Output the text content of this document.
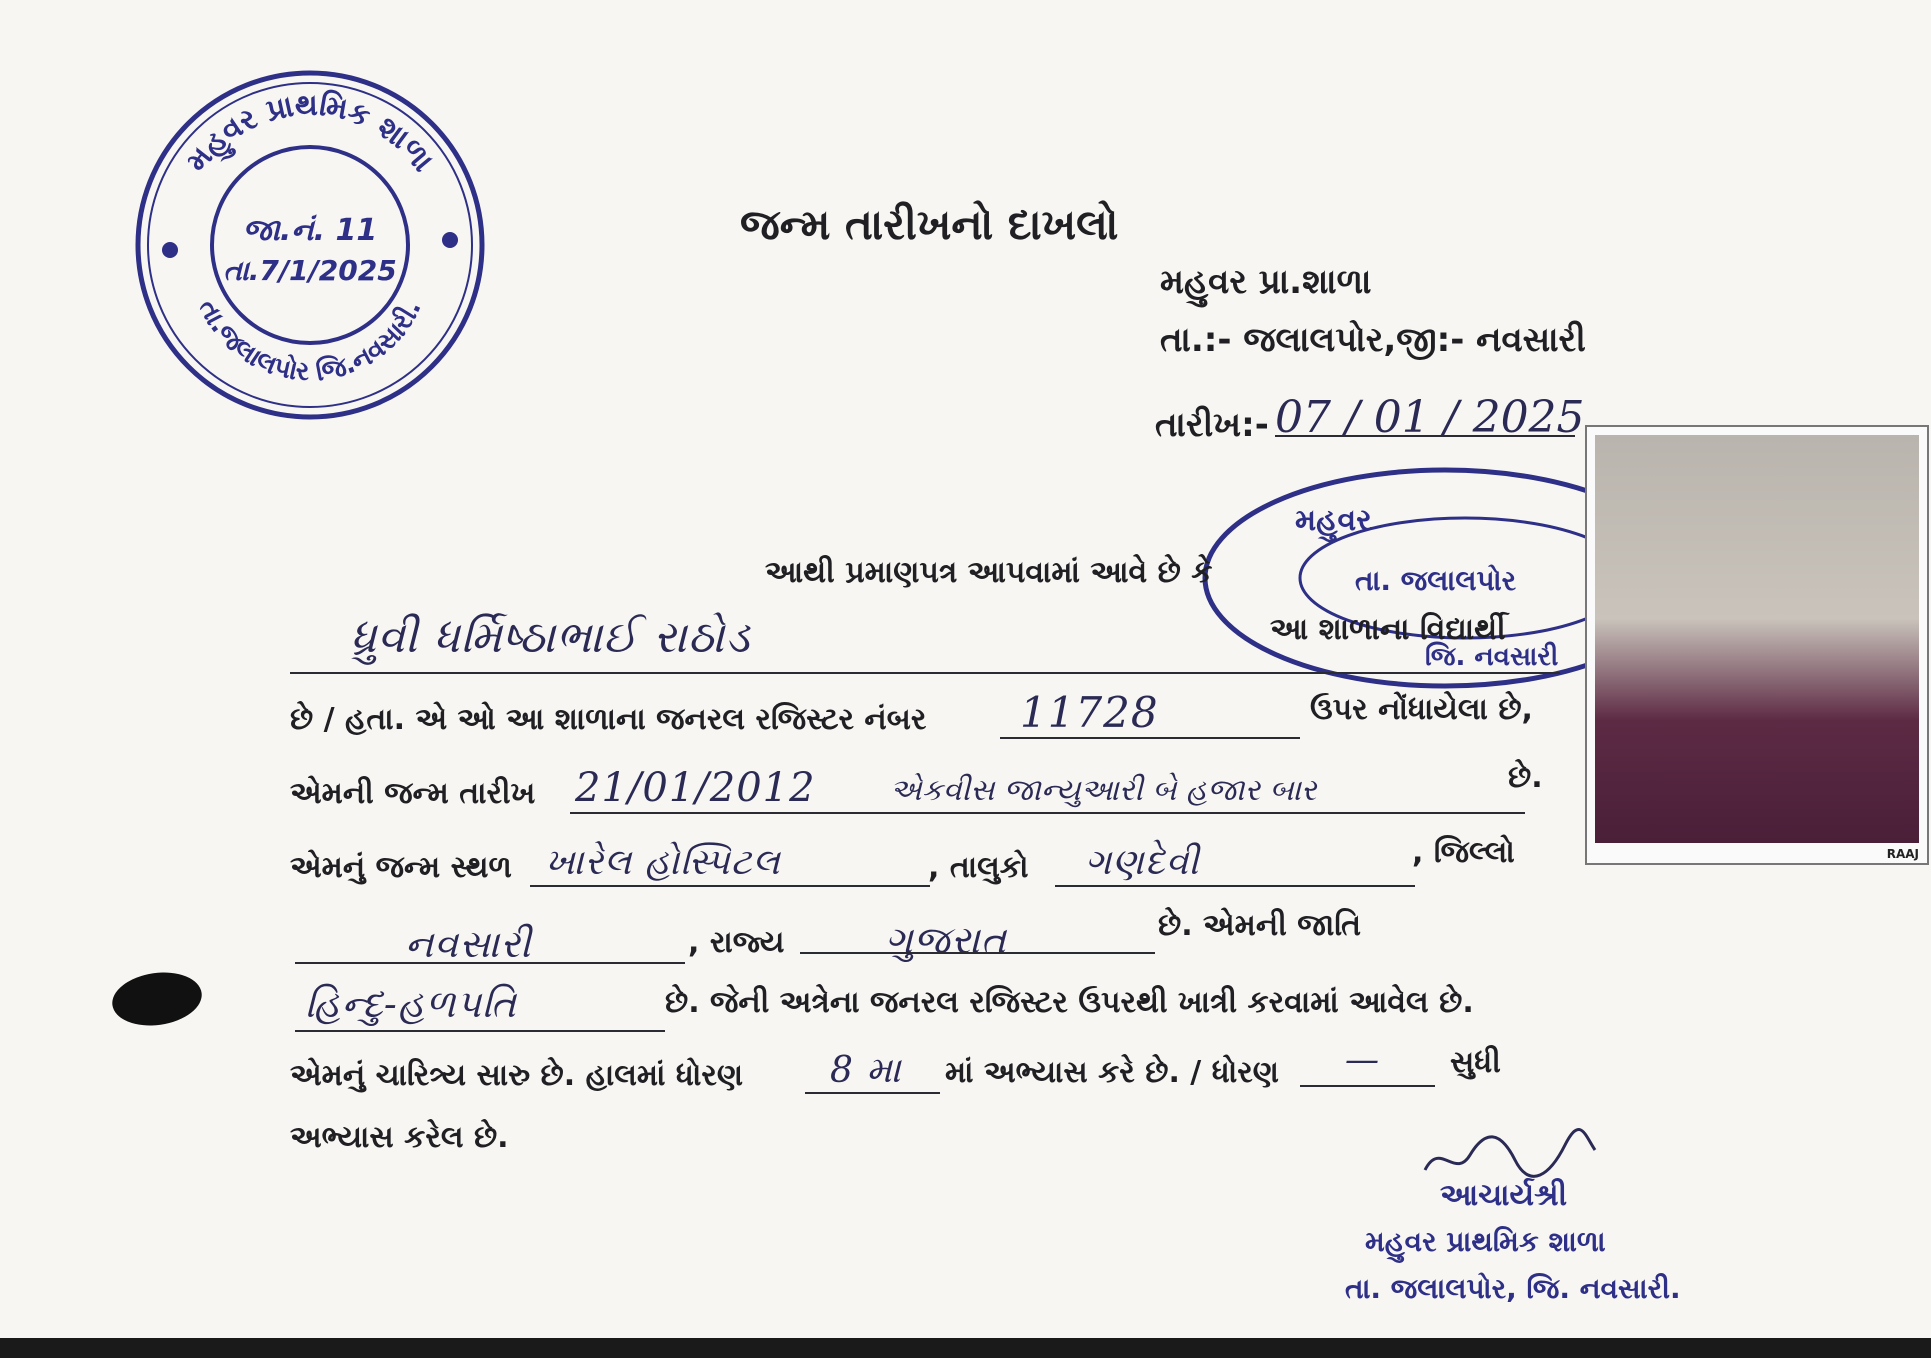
મહુવર પ્રાથમિક શાળા
તા.જલાલપોર જિ.નવસારી.
જા.નં. 11
તા.7/1/2025
જન્મ તારીખનો દાખલો
મહુવર પ્રા.શાળા
તા.:- જલાલપોર,જી:- નવસારી
તારીખ:- 07 / 01 / 2025
મહુવર
તા. જલાલપોર
જિ. નવસારી
આથી પ્રમાણપત્ર આપવામાં આવે છે કે
આ શાળાના વિદ્યાર્થી
ધ્રુવી ધર્મિષ્ઠાભાઈ રાઠોડ
છે / હતા. એ ઓ આ શાળાના જનરલ રજિસ્ટર નંબર 11728	ઉપર નોંધાયેલા છે,
એમની જન્મ તારીખ 21/01/2012 એકવીસ જાન્યુઆરી બે હજાર બાર	છે.
એમનું જન્મ સ્થળ ખારેલ હોસ્પિટલ	, તાલુકો ગણદેવી	, જિલ્લો
નવસારી	, રાજ્ય	ગુજરાત	છે. એમની જાતિ
હિન્દુ-હળપતિ	છે. જેની અત્રેના જનરલ રજિસ્ટર ઉપરથી ખાત્રી કરવામાં આવેલ છે.
એમનું ચારિત્ર્ય સારુ છે. હાલમાં ધોરણ 8 મા માં અભ્યાસ કરે છે. / ધોરણ — સુધી
અભ્યાસ કરેલ છે.
આચાર્યશ્રી
મહુવર પ્રાથમિક શાળા
તા. જલાલપોર, જિ. નવસારી.
RAAJ
